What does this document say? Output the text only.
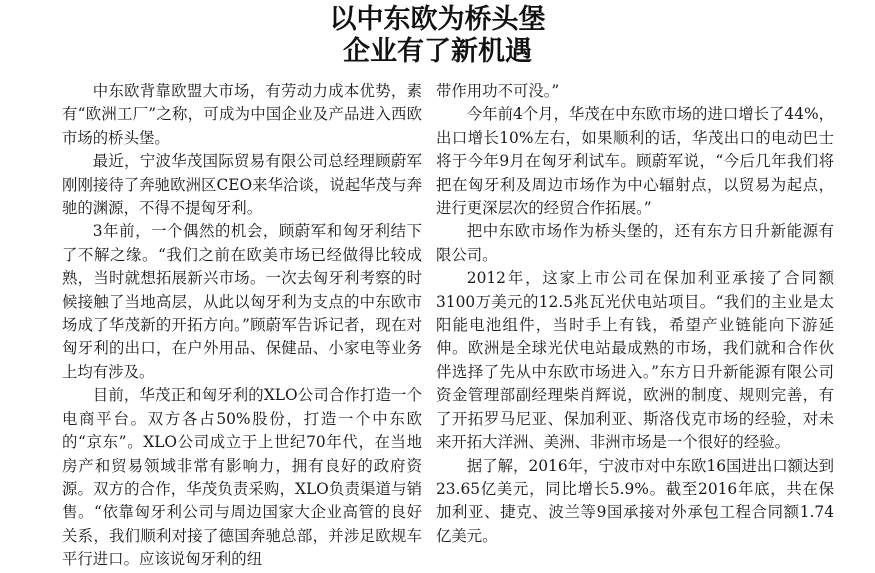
以中东欧为桥头堡
企业有了新机遇

中东欧背靠欧盟大市场，有劳动力成本优势，素有“欧洲工厂”之称，可成为中国企业及产品进入西欧市场的桥头堡。

最近，宁波华茂国际贸易有限公司总经理顾蔚军刚刚接待了奔驰欧洲区CEO来华洽谈，说起华茂与奔驰的渊源，不得不提匈牙利。

3年前，一个偶然的机会，顾蔚军和匈牙利结下了不解之缘。“我们之前在欧美市场已经做得比较成熟，当时就想拓展新兴市场。一次去匈牙利考察的时候接触了当地高层，从此以匈牙利为支点的中东欧市场成了华茂新的开拓方向。”顾蔚军告诉记者，现在对匈牙利的出口，在户外用品、保健品、小家电等业务上均有涉及。

目前，华茂正和匈牙利的XLO公司合作打造一个电商平台。双方各占50%股份，打造一个中东欧的“京东”。XLO公司成立于上世纪70年代，在当地房产和贸易领域非常有影响力，拥有良好的政府资源。双方的合作，华茂负责采购，XLO负责渠道与销售。“依靠匈牙利公司与周边国家大企业高管的良好关系，我们顺利对接了德国奔驰总部，并涉足欧规车平行进口。应该说匈牙利的纽

带作用功不可没。”

今年前4个月，华茂在中东欧市场的进口增长了44%，出口增长10%左右，如果顺利的话，华茂出口的电动巴士将于今年9月在匈牙利试车。顾蔚军说，“今后几年我们将把在匈牙利及周边市场作为中心辐射点，以贸易为起点，进行更深层次的经贸合作拓展。”

把中东欧市场作为桥头堡的，还有东方日升新能源有限公司。

2012年，这家上市公司在保加利亚承接了合同额3100万美元的12.5兆瓦光伏电站项目。“我们的主业是太阳能电池组件，当时手上有钱，希望产业链能向下游延伸。欧洲是全球光伏电站最成熟的市场，我们就和合作伙伴选择了先从中东欧市场进入。”东方日升新能源有限公司资金管理部副经理柴肖辉说，欧洲的制度、规则完善，有了开拓罗马尼亚、保加利亚、斯洛伐克市场的经验，对未来开拓大洋洲、美洲、非洲市场是一个很好的经验。

据了解，2016年，宁波市对中东欧16国进出口额达到23.65亿美元，同比增长5.9%。截至2016年底，共在保加利亚、捷克、波兰等9国承接对外承包工程合同额1.74亿美元。
